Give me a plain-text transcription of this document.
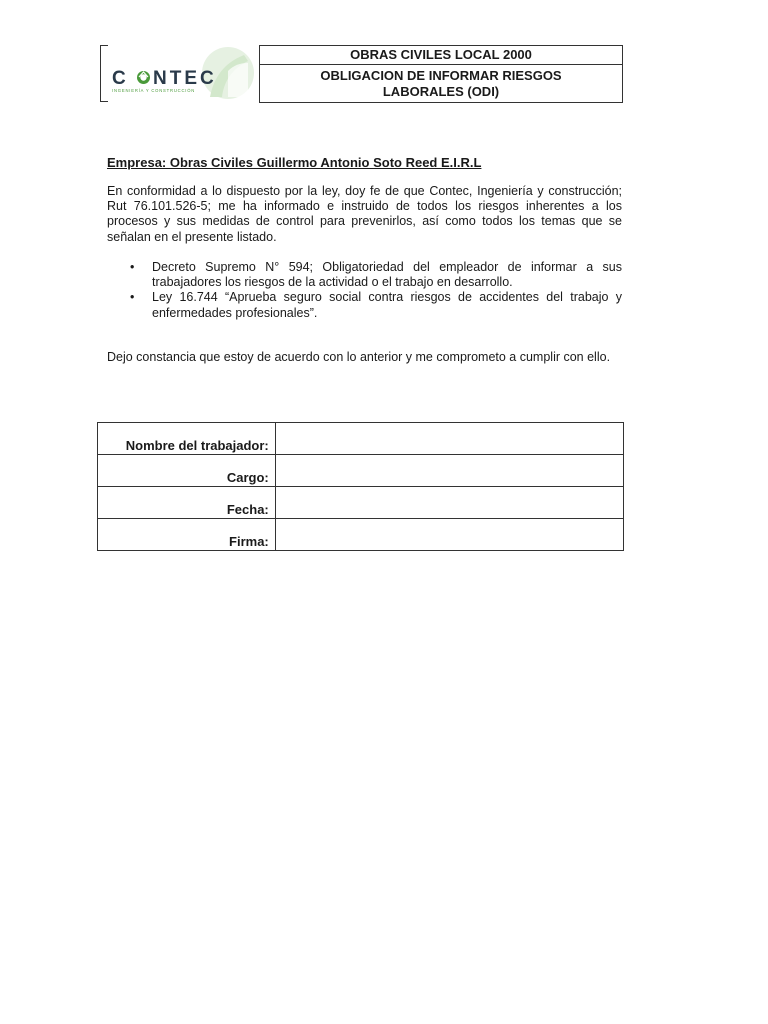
C NTEC
INGENIERÍA Y CONSTRUCCIÓN
OBRAS CIVILES LOCAL 2000
OBLIGACION DE INFORMAR RIESGOS
LABORALES (ODI)
Empresa: Obras Civiles Guillermo Antonio Soto Reed E.I.R.L
En conformidad a lo dispuesto por la ley, doy fe de que Contec, Ingeniería y construcción; Rut 76.101.526-5; me ha informado e instruido de todos los riesgos inherentes a los procesos y sus medidas de control para prevenirlos, así como todos los temas que se señalan en el presente listado.
• Decreto Supremo N° 594; Obligatoriedad del empleador de informar a sus trabajadores los riesgos de la actividad o el trabajo en desarrollo.
• Ley 16.744 “Aprueba seguro social contra riesgos de accidentes del trabajo y enfermedades profesionales”.
Dejo constancia que estoy de acuerdo con lo anterior y me comprometo a cumplir con ello.
Nombre del trabajador:	
Cargo:	
Fecha:	
Firma:	
